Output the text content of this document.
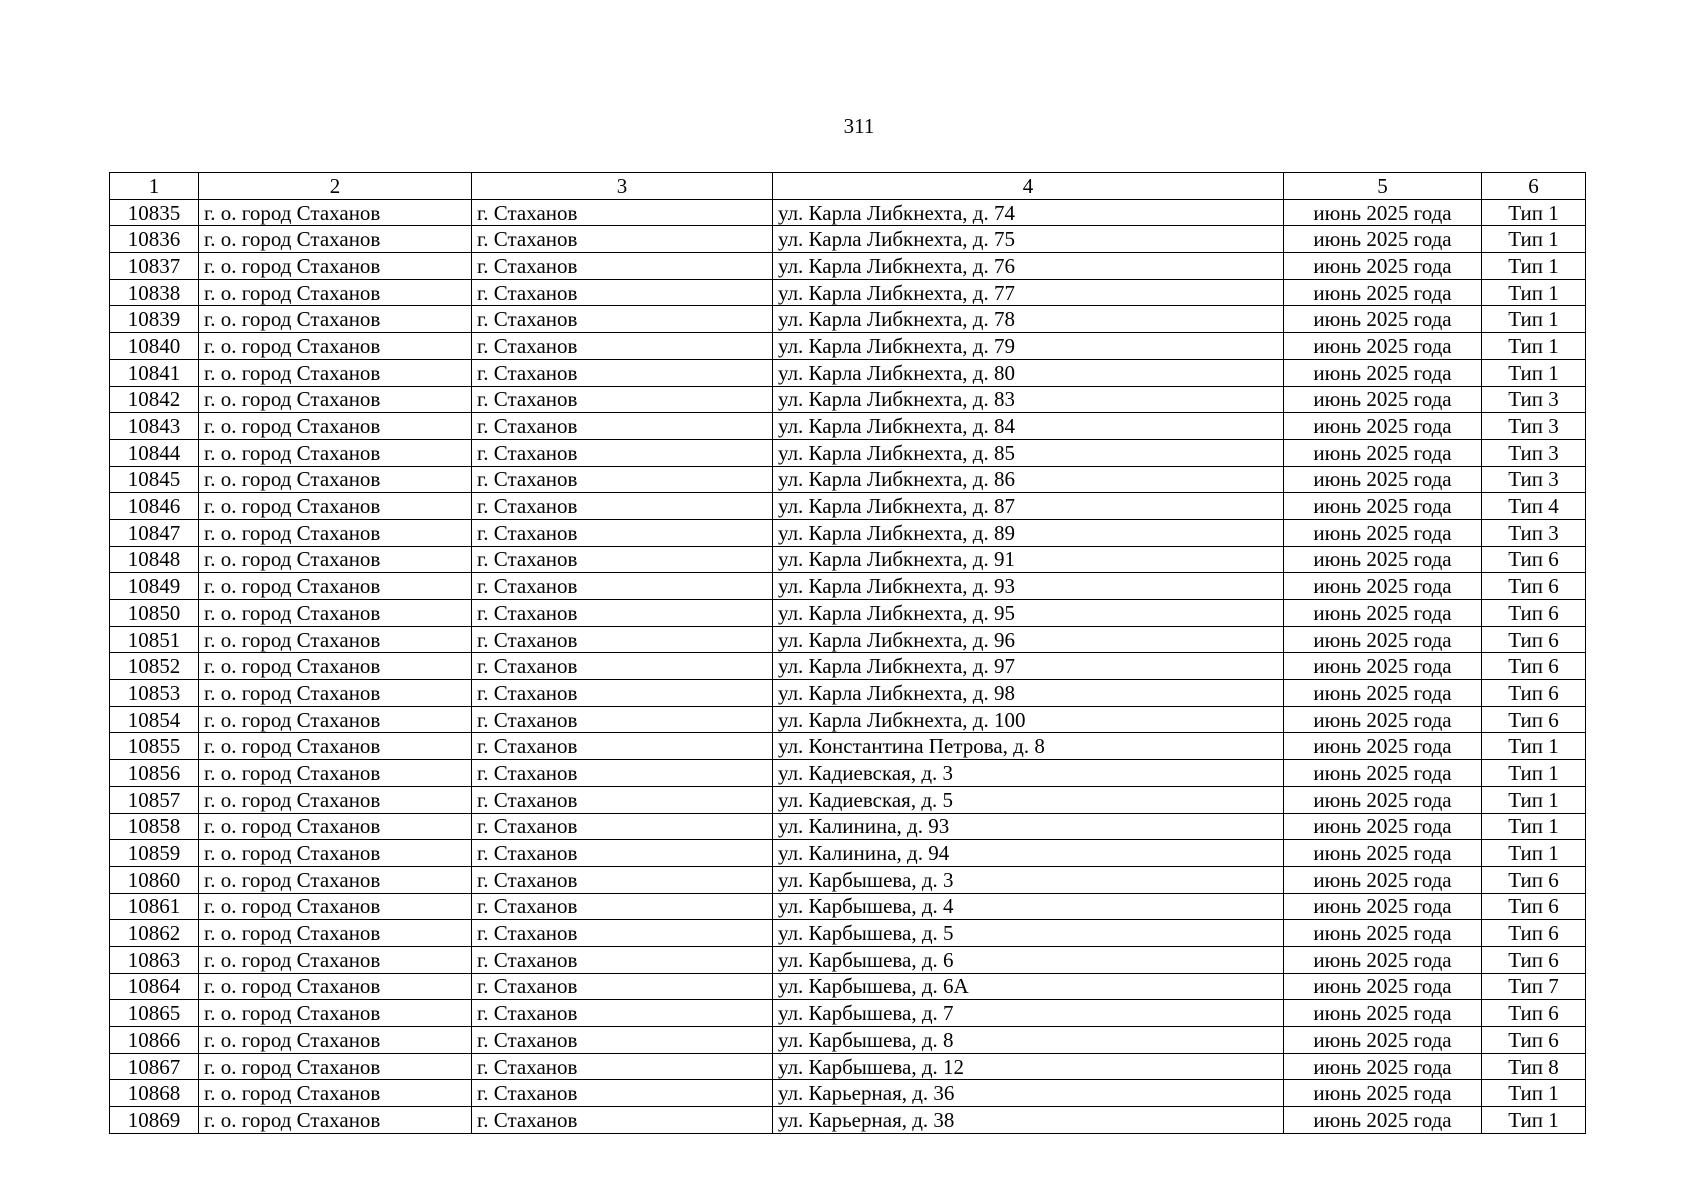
311
1	2	3	4	5	6
10835	г. о. город Стаханов	г. Стаханов	ул. Карла Либкнехта, д. 74	июнь 2025 года	Тип 1
10836	г. о. город Стаханов	г. Стаханов	ул. Карла Либкнехта, д. 75	июнь 2025 года	Тип 1
10837	г. о. город Стаханов	г. Стаханов	ул. Карла Либкнехта, д. 76	июнь 2025 года	Тип 1
10838	г. о. город Стаханов	г. Стаханов	ул. Карла Либкнехта, д. 77	июнь 2025 года	Тип 1
10839	г. о. город Стаханов	г. Стаханов	ул. Карла Либкнехта, д. 78	июнь 2025 года	Тип 1
10840	г. о. город Стаханов	г. Стаханов	ул. Карла Либкнехта, д. 79	июнь 2025 года	Тип 1
10841	г. о. город Стаханов	г. Стаханов	ул. Карла Либкнехта, д. 80	июнь 2025 года	Тип 1
10842	г. о. город Стаханов	г. Стаханов	ул. Карла Либкнехта, д. 83	июнь 2025 года	Тип 3
10843	г. о. город Стаханов	г. Стаханов	ул. Карла Либкнехта, д. 84	июнь 2025 года	Тип 3
10844	г. о. город Стаханов	г. Стаханов	ул. Карла Либкнехта, д. 85	июнь 2025 года	Тип 3
10845	г. о. город Стаханов	г. Стаханов	ул. Карла Либкнехта, д. 86	июнь 2025 года	Тип 3
10846	г. о. город Стаханов	г. Стаханов	ул. Карла Либкнехта, д. 87	июнь 2025 года	Тип 4
10847	г. о. город Стаханов	г. Стаханов	ул. Карла Либкнехта, д. 89	июнь 2025 года	Тип 3
10848	г. о. город Стаханов	г. Стаханов	ул. Карла Либкнехта, д. 91	июнь 2025 года	Тип 6
10849	г. о. город Стаханов	г. Стаханов	ул. Карла Либкнехта, д. 93	июнь 2025 года	Тип 6
10850	г. о. город Стаханов	г. Стаханов	ул. Карла Либкнехта, д. 95	июнь 2025 года	Тип 6
10851	г. о. город Стаханов	г. Стаханов	ул. Карла Либкнехта, д. 96	июнь 2025 года	Тип 6
10852	г. о. город Стаханов	г. Стаханов	ул. Карла Либкнехта, д. 97	июнь 2025 года	Тип 6
10853	г. о. город Стаханов	г. Стаханов	ул. Карла Либкнехта, д. 98	июнь 2025 года	Тип 6
10854	г. о. город Стаханов	г. Стаханов	ул. Карла Либкнехта, д. 100	июнь 2025 года	Тип 6
10855	г. о. город Стаханов	г. Стаханов	ул. Константина Петрова, д. 8	июнь 2025 года	Тип 1
10856	г. о. город Стаханов	г. Стаханов	ул. Кадиевская, д. 3	июнь 2025 года	Тип 1
10857	г. о. город Стаханов	г. Стаханов	ул. Кадиевская, д. 5	июнь 2025 года	Тип 1
10858	г. о. город Стаханов	г. Стаханов	ул. Калинина, д. 93	июнь 2025 года	Тип 1
10859	г. о. город Стаханов	г. Стаханов	ул. Калинина, д. 94	июнь 2025 года	Тип 1
10860	г. о. город Стаханов	г. Стаханов	ул. Карбышева, д. 3	июнь 2025 года	Тип 6
10861	г. о. город Стаханов	г. Стаханов	ул. Карбышева, д. 4	июнь 2025 года	Тип 6
10862	г. о. город Стаханов	г. Стаханов	ул. Карбышева, д. 5	июнь 2025 года	Тип 6
10863	г. о. город Стаханов	г. Стаханов	ул. Карбышева, д. 6	июнь 2025 года	Тип 6
10864	г. о. город Стаханов	г. Стаханов	ул. Карбышева, д. 6А	июнь 2025 года	Тип 7
10865	г. о. город Стаханов	г. Стаханов	ул. Карбышева, д. 7	июнь 2025 года	Тип 6
10866	г. о. город Стаханов	г. Стаханов	ул. Карбышева, д. 8	июнь 2025 года	Тип 6
10867	г. о. город Стаханов	г. Стаханов	ул. Карбышева, д. 12	июнь 2025 года	Тип 8
10868	г. о. город Стаханов	г. Стаханов	ул. Карьерная, д. 36	июнь 2025 года	Тип 1
10869	г. о. город Стаханов	г. Стаханов	ул. Карьерная, д. 38	июнь 2025 года	Тип 1
